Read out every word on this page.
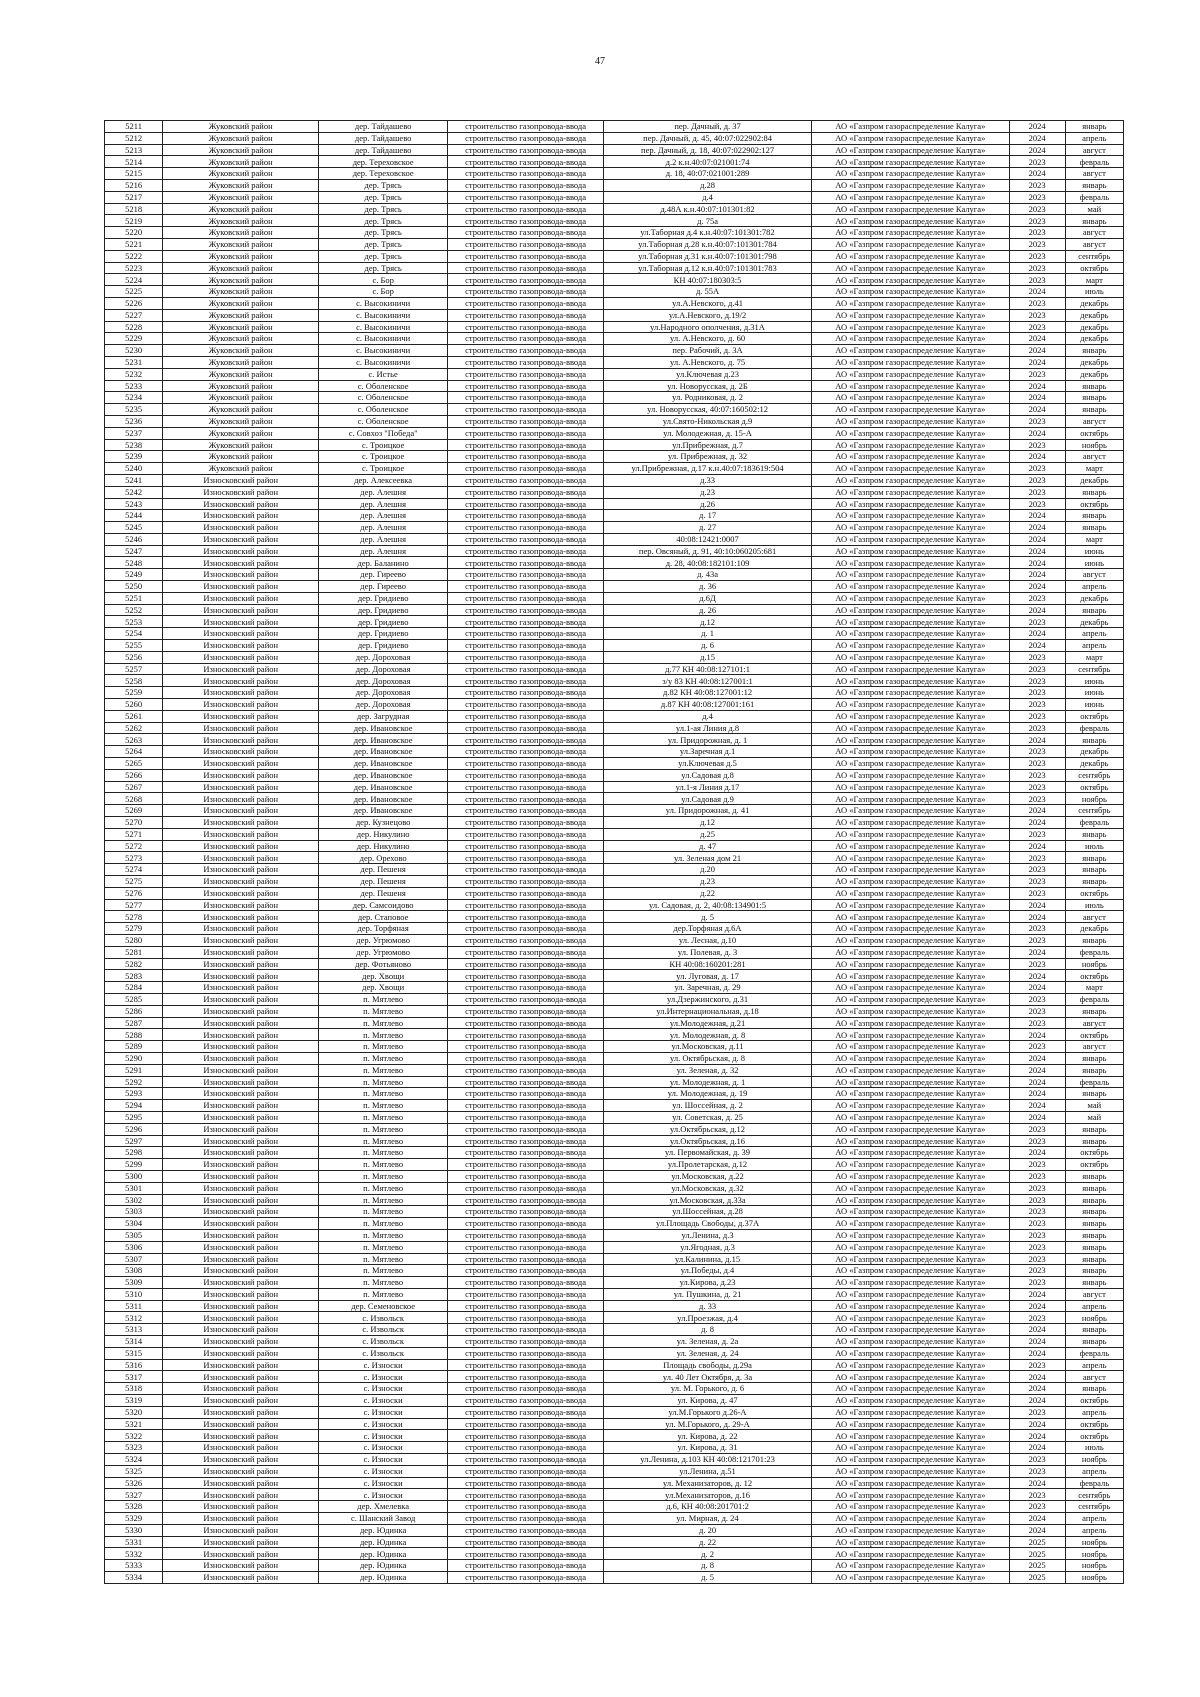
47
5211	Жуковский район	дер. Тайдашево	строительство газопровода-ввода	пер. Дачный, д. 37	АО «Газпром газораспределение Калуга»	2024	январь
5212	Жуковский район	дер. Тайдашево	строительство газопровода-ввода	пер. Дачный, д. 45, 40:07:022902:84	АО «Газпром газораспределение Калуга»	2024	апрель
5213	Жуковский район	дер. Тайдашево	строительство газопровода-ввода	пер. Дачный, д. 18, 40:07:022902:127	АО «Газпром газораспределение Калуга»	2024	август
5214	Жуковский район	дер. Тереховское	строительство газопровода-ввода	д.2 к.н.40:07:021001:74	АО «Газпром газораспределение Калуга»	2023	февраль
5215	Жуковский район	дер. Тереховское	строительство газопровода-ввода	д. 18, 40:07:021001:289	АО «Газпром газораспределение Калуга»	2024	август
5216	Жуковский район	дер. Трясь	строительство газопровода-ввода	д.28	АО «Газпром газораспределение Калуга»	2023	январь
5217	Жуковский район	дер. Трясь	строительство газопровода-ввода	д.4	АО «Газпром газораспределение Калуга»	2023	февраль
5218	Жуковский район	дер. Трясь	строительство газопровода-ввода	д.48А к.н.40:07:101301:82	АО «Газпром газораспределение Калуга»	2023	май
5219	Жуковский район	дер. Трясь	строительство газопровода-ввода	д. 75а	АО «Газпром газораспределение Калуга»	2023	январь
5220	Жуковский район	дер. Трясь	строительство газопровода-ввода	ул.Таборная д.4 к.н.40:07:101301:782	АО «Газпром газораспределение Калуга»	2023	август
5221	Жуковский район	дер. Трясь	строительство газопровода-ввода	ул.Таборная д.28 к.н.40:07:101301:784	АО «Газпром газораспределение Калуга»	2023	август
5222	Жуковский район	дер. Трясь	строительство газопровода-ввода	ул.Таборная д.31 к.н.40:07:101301:798	АО «Газпром газораспределение Калуга»	2023	сентябрь
5223	Жуковский район	дер. Трясь	строительство газопровода-ввода	ул.Таборная д.12 к.н.40:07:101301:783	АО «Газпром газораспределение Калуга»	2023	октябрь
5224	Жуковский район	с. Бор	строительство газопровода-ввода	КН 40:07:180303:5	АО «Газпром газораспределение Калуга»	2023	март
5225	Жуковский район	с. Бор	строительство газопровода-ввода	д. 55А	АО «Газпром газораспределение Калуга»	2024	июль
5226	Жуковский район	с. Высокиничи	строительство газопровода-ввода	ул.А.Невского, д.41	АО «Газпром газораспределение Калуга»	2023	декабрь
5227	Жуковский район	с. Высокиничи	строительство газопровода-ввода	ул.А.Невского, д.19/2	АО «Газпром газораспределение Калуга»	2023	декабрь
5228	Жуковский район	с. Высокиничи	строительство газопровода-ввода	ул.Народного ополчения, д.31А	АО «Газпром газораспределение Калуга»	2023	декабрь
5229	Жуковский район	с. Высокиничи	строительство газопровода-ввода	ул. А.Невского, д. 60	АО «Газпром газораспределение Калуга»	2024	декабрь
5230	Жуковский район	с. Высокиничи	строительство газопровода-ввода	пер. Рабочий, д. 3А	АО «Газпром газораспределение Калуга»	2024	январь
5231	Жуковский район	с. Высокиничи	строительство газопровода-ввода	ул. А.Невского, д. 75	АО «Газпром газораспределение Калуга»	2024	декабрь
5232	Жуковский район	с. Истье	строительство газопровода-ввода	ул.Ключевая д.23	АО «Газпром газораспределение Калуга»	2023	декабрь
5233	Жуковский район	с. Оболенское	строительство газопровода-ввода	ул. Новорусская, д. 2Б	АО «Газпром газораспределение Калуга»	2024	январь
5234	Жуковский район	с. Оболенское	строительство газопровода-ввода	ул. Родниковая, д. 2	АО «Газпром газораспределение Калуга»	2024	январь
5235	Жуковский район	с. Оболенское	строительство газопровода-ввода	ул. Новорусская, 40:07:160502:12	АО «Газпром газораспределение Калуга»	2024	январь
5236	Жуковский район	с. Оболенское	строительство газопровода-ввода	ул.Свято-Никольская д.9	АО «Газпром газораспределение Калуга»	2023	август
5237	Жуковский район	с. Совхоз "Победа"	строительство газопровода-ввода	ул. Молодежная, д. 15-А	АО «Газпром газораспределение Калуга»	2024	октябрь
5238	Жуковский район	с. Троицкое	строительство газопровода-ввода	ул.Прибрежная, д.7	АО «Газпром газораспределение Калуга»	2023	ноябрь
5239	Жуковский район	с. Троицкое	строительство газопровода-ввода	ул. Прибрежная, д. 32	АО «Газпром газораспределение Калуга»	2024	август
5240	Жуковский район	с. Троицкое	строительство газопровода-ввода	ул.Прибрежная, д.17 к.н.40:07:183619:504	АО «Газпром газораспределение Калуга»	2023	март
5241	Износковский район	дер. Алексеевка	строительство газопровода-ввода	д.33	АО «Газпром газораспределение Калуга»	2023	декабрь
5242	Износковский район	дер. Алешня	строительство газопровода-ввода	д.23	АО «Газпром газораспределение Калуга»	2023	январь
5243	Износковский район	дер. Алешня	строительство газопровода-ввода	д.26	АО «Газпром газораспределение Калуга»	2023	октябрь
5244	Износковский район	дер. Алешня	строительство газопровода-ввода	д. 17	АО «Газпром газораспределение Калуга»	2024	январь
5245	Износковский район	дер. Алешня	строительство газопровода-ввода	д. 27	АО «Газпром газораспределение Калуга»	2024	январь
5246	Износковский район	дер. Алешня	строительство газопровода-ввода	40:08:12421:0007	АО «Газпром газораспределение Калуга»	2024	март
5247	Износковский район	дер. Алешня	строительство газопровода-ввода	пер. Овсяный, д. 91, 40:10:060205:681	АО «Газпром газораспределение Калуга»	2024	июнь
5248	Износковский район	дер. Баланино	строительство газопровода-ввода	д. 28, 40:08:182101:109	АО «Газпром газораспределение Калуга»	2024	июнь
5249	Износковский район	дер. Гиреево	строительство газопровода-ввода	д. 43а	АО «Газпром газораспределение Калуга»	2024	август
5250	Износковский район	дер. Гиреево	строительство газопровода-ввода	д. 36	АО «Газпром газораспределение Калуга»	2024	апрель
5251	Износковский район	дер. Гридиево	строительство газопровода-ввода	д.6Д	АО «Газпром газораспределение Калуга»	2023	декабрь
5252	Износковский район	дер. Гридиево	строительство газопровода-ввода	д. 26	АО «Газпром газораспределение Калуга»	2024	январь
5253	Износковский район	дер. Гридиево	строительство газопровода-ввода	д.12	АО «Газпром газораспределение Калуга»	2023	декабрь
5254	Износковский район	дер. Гридиево	строительство газопровода-ввода	д. 1	АО «Газпром газораспределение Калуга»	2024	апрель
5255	Износковский район	дер. Гридиево	строительство газопровода-ввода	д. 6	АО «Газпром газораспределение Калуга»	2024	апрель
5256	Износковский район	дер. Дороховая	строительство газопровода-ввода	д.15	АО «Газпром газораспределение Калуга»	2023	март
5257	Износковский район	дер. Дороховая	строительство газопровода-ввода	д.77 КН 40:08:127101:1	АО «Газпром газораспределение Калуга»	2023	сентябрь
5258	Износковский район	дер. Дороховая	строительство газопровода-ввода	з/у 83 КН 40:08:127001:1	АО «Газпром газораспределение Калуга»	2023	июнь
5259	Износковский район	дер. Дороховая	строительство газопровода-ввода	д.82 КН 40:08:127001:12	АО «Газпром газораспределение Калуга»	2023	июнь
5260	Износковский район	дер. Дороховая	строительство газопровода-ввода	д.87 КН 40:08:127001:161	АО «Газпром газораспределение Калуга»	2023	июнь
5261	Износковский район	дер. Загрудная	строительство газопровода-ввода	д.4	АО «Газпром газораспределение Калуга»	2023	октябрь
5262	Износковский район	дер. Ивановское	строительство газопровода-ввода	ул.1-ая Линия д.8	АО «Газпром газораспределение Калуга»	2023	февраль
5263	Износковский район	дер. Ивановское	строительство газопровода-ввода	ул. Придорожная, д. 1	АО «Газпром газораспределение Калуга»	2024	январь
5264	Износковский район	дер. Ивановское	строительство газопровода-ввода	ул.Заречная д.1	АО «Газпром газораспределение Калуга»	2023	декабрь
5265	Износковский район	дер. Ивановское	строительство газопровода-ввода	ул.Ключевая д.5	АО «Газпром газораспределение Калуга»	2023	декабрь
5266	Износковский район	дер. Ивановское	строительство газопровода-ввода	ул.Садовая д.8	АО «Газпром газораспределение Калуга»	2023	сентябрь
5267	Износковский район	дер. Ивановское	строительство газопровода-ввода	ул.1-я Линия д.17	АО «Газпром газораспределение Калуга»	2023	октябрь
5268	Износковский район	дер. Ивановское	строительство газопровода-ввода	ул.Садовая д.9	АО «Газпром газораспределение Калуга»	2023	ноябрь
5269	Износковский район	дер. Ивановское	строительство газопровода-ввода	ул. Придорожная, д. 41	АО «Газпром газораспределение Калуга»	2024	сентябрь
5270	Износковский район	дер. Кузнецово	строительство газопровода-ввода	д.12	АО «Газпром газораспределение Калуга»	2024	февраль
5271	Износковский район	дер. Никулино	строительство газопровода-ввода	д.25	АО «Газпром газораспределение Калуга»	2023	январь
5272	Износковский район	дер. Никулино	строительство газопровода-ввода	д. 47	АО «Газпром газораспределение Калуга»	2024	июль
5273	Износковский район	дер. Орехово	строительство газопровода-ввода	ул. Зеленая дом 21	АО «Газпром газораспределение Калуга»	2023	январь
5274	Износковский район	дер. Пешеня	строительство газопровода-ввода	д.20	АО «Газпром газораспределение Калуга»	2023	январь
5275	Износковский район	дер. Пешеня	строительство газопровода-ввода	д.23	АО «Газпром газораспределение Калуга»	2023	январь
5276	Износковский район	дер. Пешеня	строительство газопровода-ввода	д.22	АО «Газпром газораспределение Калуга»	2023	октябрь
5277	Износковский район	дер. Самсоидово	строительство газопровода-ввода	ул. Садовая, д. 2, 40:08:134901:5	АО «Газпром газораспределение Калуга»	2024	июль
5278	Износковский район	дер. Стаповое	строительство газопровода-ввода	д. 5	АО «Газпром газораспределение Калуга»	2024	август
5279	Износковский район	дер. Торфяная	строительство газопровода-ввода	дер.Торфяная д.6А	АО «Газпром газораспределение Калуга»	2023	декабрь
5280	Износковский район	дер. Угрюмово	строительство газопровода-ввода	ул. Лесная, д.10	АО «Газпром газораспределение Калуга»	2023	январь
5281	Износковский район	дер. Угрюмово	строительство газопровода-ввода	ул. Полевая, д. 3	АО «Газпром газораспределение Калуга»	2024	февраль
5282	Износковский район	дер. Фотьяново	строительство газопровода-ввода	КН 40:08:160201:281	АО «Газпром газораспределение Калуга»	2023	ноябрь
5283	Износковский район	дер. Хвощи	строительство газопровода-ввода	ул. Луговая, д. 17	АО «Газпром газораспределение Калуга»	2024	октябрь
5284	Износковский район	дер. Хвощи	строительство газопровода-ввода	ул. Заречная, д. 29	АО «Газпром газораспределение Калуга»	2024	март
5285	Износковский район	п. Мятлево	строительство газопровода-ввода	ул.Дзержинского, д.31	АО «Газпром газораспределение Калуга»	2023	февраль
5286	Износковский район	п. Мятлево	строительство газопровода-ввода	ул.Интернациональная, д.18	АО «Газпром газораспределение Калуга»	2023	январь
5287	Износковский район	п. Мятлево	строительство газопровода-ввода	ул.Молодежная, д.21	АО «Газпром газораспределение Калуга»	2023	август
5288	Износковский район	п. Мятлево	строительство газопровода-ввода	ул. Молодежная, д. 8	АО «Газпром газораспределение Калуга»	2024	октябрь
5289	Износковский район	п. Мятлево	строительство газопровода-ввода	ул.Московская, д.11	АО «Газпром газораспределение Калуга»	2023	август
5290	Износковский район	п. Мятлево	строительство газопровода-ввода	ул. Октябрьская, д. 8	АО «Газпром газораспределение Калуга»	2024	январь
5291	Износковский район	п. Мятлево	строительство газопровода-ввода	ул. Зеленая, д. 32	АО «Газпром газораспределение Калуга»	2024	январь
5292	Износковский район	п. Мятлево	строительство газопровода-ввода	ул. Молодежная, д. 1	АО «Газпром газораспределение Калуга»	2024	февраль
5293	Износковский район	п. Мятлево	строительство газопровода-ввода	ул. Молодежная, д. 19	АО «Газпром газораспределение Калуга»	2024	январь
5294	Износковский район	п. Мятлево	строительство газопровода-ввода	ул. Шоссейная, д. 2	АО «Газпром газораспределение Калуга»	2024	май
5295	Износковский район	п. Мятлево	строительство газопровода-ввода	ул. Советская, д. 25	АО «Газпром газораспределение Калуга»	2024	май
5296	Износковский район	п. Мятлево	строительство газопровода-ввода	ул.Октябрьская, д.12	АО «Газпром газораспределение Калуга»	2023	январь
5297	Износковский район	п. Мятлево	строительство газопровода-ввода	ул.Октябрьская, д.16	АО «Газпром газораспределение Калуга»	2023	январь
5298	Износковский район	п. Мятлево	строительство газопровода-ввода	ул. Первомайская, д. 39	АО «Газпром газораспределение Калуга»	2024	октябрь
5299	Износковский район	п. Мятлево	строительство газопровода-ввода	ул.Пролетарская, д.12	АО «Газпром газораспределение Калуга»	2023	октябрь
5300	Износковский район	п. Мятлево	строительство газопровода-ввода	ул.Московская, д.22	АО «Газпром газораспределение Калуга»	2023	январь
5301	Износковский район	п. Мятлево	строительство газопровода-ввода	ул.Московская, д.32	АО «Газпром газораспределение Калуга»	2023	январь
5302	Износковский район	п. Мятлево	строительство газопровода-ввода	ул.Московская, д.33а	АО «Газпром газораспределение Калуга»	2023	январь
5303	Износковский район	п. Мятлево	строительство газопровода-ввода	ул.Шоссейная, д.28	АО «Газпром газораспределение Калуга»	2023	январь
5304	Износковский район	п. Мятлево	строительство газопровода-ввода	ул.Площадь Свободы, д.37А	АО «Газпром газораспределение Калуга»	2023	январь
5305	Износковский район	п. Мятлево	строительство газопровода-ввода	ул.Ленина, д.3	АО «Газпром газораспределение Калуга»	2023	январь
5306	Износковский район	п. Мятлево	строительство газопровода-ввода	ул.Ягодная, д.3	АО «Газпром газораспределение Калуга»	2023	январь
5307	Износковский район	п. Мятлево	строительство газопровода-ввода	ул.Калинина, д.15	АО «Газпром газораспределение Калуга»	2023	январь
5308	Износковский район	п. Мятлево	строительство газопровода-ввода	ул.Победы, д.4	АО «Газпром газораспределение Калуга»	2023	январь
5309	Износковский район	п. Мятлево	строительство газопровода-ввода	ул.Кирова, д.23	АО «Газпром газораспределение Калуга»	2023	январь
5310	Износковский район	п. Мятлево	строительство газопровода-ввода	ул. Пушкина, д. 21	АО «Газпром газораспределение Калуга»	2024	август
5311	Износковский район	дер. Семеновское	строительство газопровода-ввода	д. 33	АО «Газпром газораспределение Калуга»	2024	апрель
5312	Износковский район	с. Извольск	строительство газопровода-ввода	ул.Проезжая, д.4	АО «Газпром газораспределение Калуга»	2023	ноябрь
5313	Износковский район	с. Извольск	строительство газопровода-ввода	д. 8	АО «Газпром газораспределение Калуга»	2024	январь
5314	Износковский район	с. Извольск	строительство газопровода-ввода	ул. Зеленая, д. 2а	АО «Газпром газораспределение Калуга»	2024	январь
5315	Износковский район	с. Извольск	строительство газопровода-ввода	ул. Зеленая, д. 24	АО «Газпром газораспределение Калуга»	2024	февраль
5316	Износковский район	с. Износки	строительство газопровода-ввода	Площадь свободы, д.29а	АО «Газпром газораспределение Калуга»	2023	апрель
5317	Износковский район	с. Износки	строительство газопровода-ввода	ул. 40 Лет Октября, д. 3а	АО «Газпром газораспределение Калуга»	2024	август
5318	Износковский район	с. Износки	строительство газопровода-ввода	ул. М. Горького, д. 6	АО «Газпром газораспределение Калуга»	2024	январь
5319	Износковский район	с. Износки	строительство газопровода-ввода	ул. Кирова, д. 47	АО «Газпром газораспределение Калуга»	2024	октябрь
5320	Износковский район	с. Износки	строительство газопровода-ввода	ул.М.Горького д.26-А	АО «Газпром газораспределение Калуга»	2023	апрель
5321	Износковский район	с. Износки	строительство газопровода-ввода	ул. М.Горького, д. 29-А	АО «Газпром газораспределение Калуга»	2024	октябрь
5322	Износковский район	с. Износки	строительство газопровода-ввода	ул. Кирова, д. 22	АО «Газпром газораспределение Калуга»	2024	октябрь
5323	Износковский район	с. Износки	строительство газопровода-ввода	ул. Кирова, д. 31	АО «Газпром газораспределение Калуга»	2024	июль
5324	Износковский район	с. Износки	строительство газопровода-ввода	ул.Ленина, д.103 КН 40:08:121701:23	АО «Газпром газораспределение Калуга»	2023	ноябрь
5325	Износковский район	с. Износки	строительство газопровода-ввода	ул.Ленина, д.51	АО «Газпром газораспределение Калуга»	2023	апрель
5326	Износковский район	с. Износки	строительство газопровода-ввода	ул. Механизаторов, д. 12	АО «Газпром газораспределение Калуга»	2024	февраль
5327	Износковский район	с. Износки	строительство газопровода-ввода	ул.Механизаторов, д.16	АО «Газпром газораспределение Калуга»	2023	сентябрь
5328	Износковский район	дер. Хмелевка	строительство газопровода-ввода	д.6, КН 40:08:201701:2	АО «Газпром газораспределение Калуга»	2023	сентябрь
5329	Износковский район	с. Шанский Завод	строительство газопровода-ввода	ул. Мирная, д. 24	АО «Газпром газораспределение Калуга»	2024	апрель
5330	Износковский район	дер. Юдинка	строительство газопровода-ввода	д. 20	АО «Газпром газораспределение Калуга»	2024	апрель
5331	Износковский район	дер. Юдинка	строительство газопровода-ввода	д. 22	АО «Газпром газораспределение Калуга»	2025	ноябрь
5332	Износковский район	дер. Юдинка	строительство газопровода-ввода	д. 2	АО «Газпром газораспределение Калуга»	2025	ноябрь
5333	Износковский район	дер. Юдинка	строительство газопровода-ввода	д. 8	АО «Газпром газораспределение Калуга»	2025	ноябрь
5334	Износковский район	дер. Юдинка	строительство газопровода-ввода	д. 5	АО «Газпром газораспределение Калуга»	2025	ноябрь
